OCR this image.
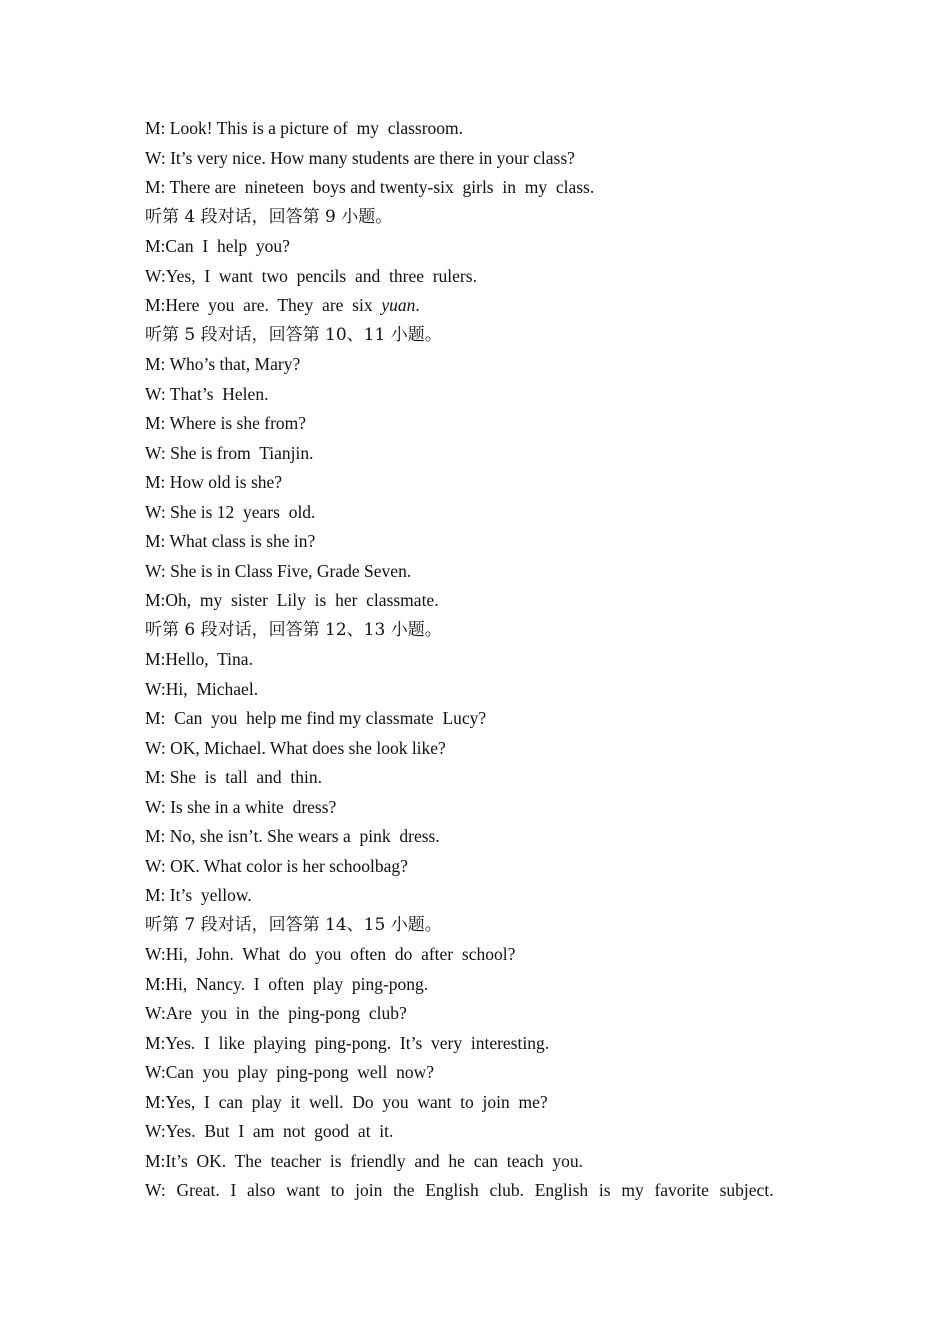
M: Look! This is a picture of  my  classroom.

W: It’s very nice. How many students are there in your class?

M: There are  nineteen  boys and twenty-six  girls  in  my  class.

听第 4 段对话，回答第 9 小题。

M:Can  I  help  you?

W:Yes,  I  want  two  pencils  and  three  rulers.

M:Here  you  are.  They  are  six  yuan.

听第 5 段对话，回答第 10、11 小题。

M: Who’s that, Mary?

W: That’s  Helen.

M: Where is she from?

W: She is from  Tianjin.

M: How old is she?

W: She is 12  years  old.

M: What class is she in?

W: She is in Class Five, Grade Seven.

M:Oh,  my  sister  Lily  is  her  classmate.

听第 6 段对话，回答第 12、13 小题。

M:Hello,  Tina.

W:Hi,  Michael.

M:  Can  you  help me find my classmate  Lucy?

W: OK, Michael. What does she look like?

M: She  is  tall  and  thin.

W: Is she in a white  dress?

M: No, she isn’t. She wears a  pink  dress.

W: OK. What color is her schoolbag?

M: It’s  yellow.

听第 7 段对话，回答第 14、15 小题。

W:Hi,  John.  What  do  you  often  do  after  school?

M:Hi,  Nancy.  I  often  play  ping-pong.

W:Are  you  in  the  ping-pong  club?

M:Yes.  I  like  playing  ping-pong.  It’s  very  interesting.

W:Can  you  play  ping-pong  well  now?

M:Yes,  I  can  play  it  well.  Do  you  want  to  join  me?

W:Yes.  But  I  am  not  good  at  it.

M:It’s  OK.  The  teacher  is  friendly  and  he  can  teach  you.

W:  Great.  I  also  want  to  join  the  English  club.  English  is  my  favorite  subject.
